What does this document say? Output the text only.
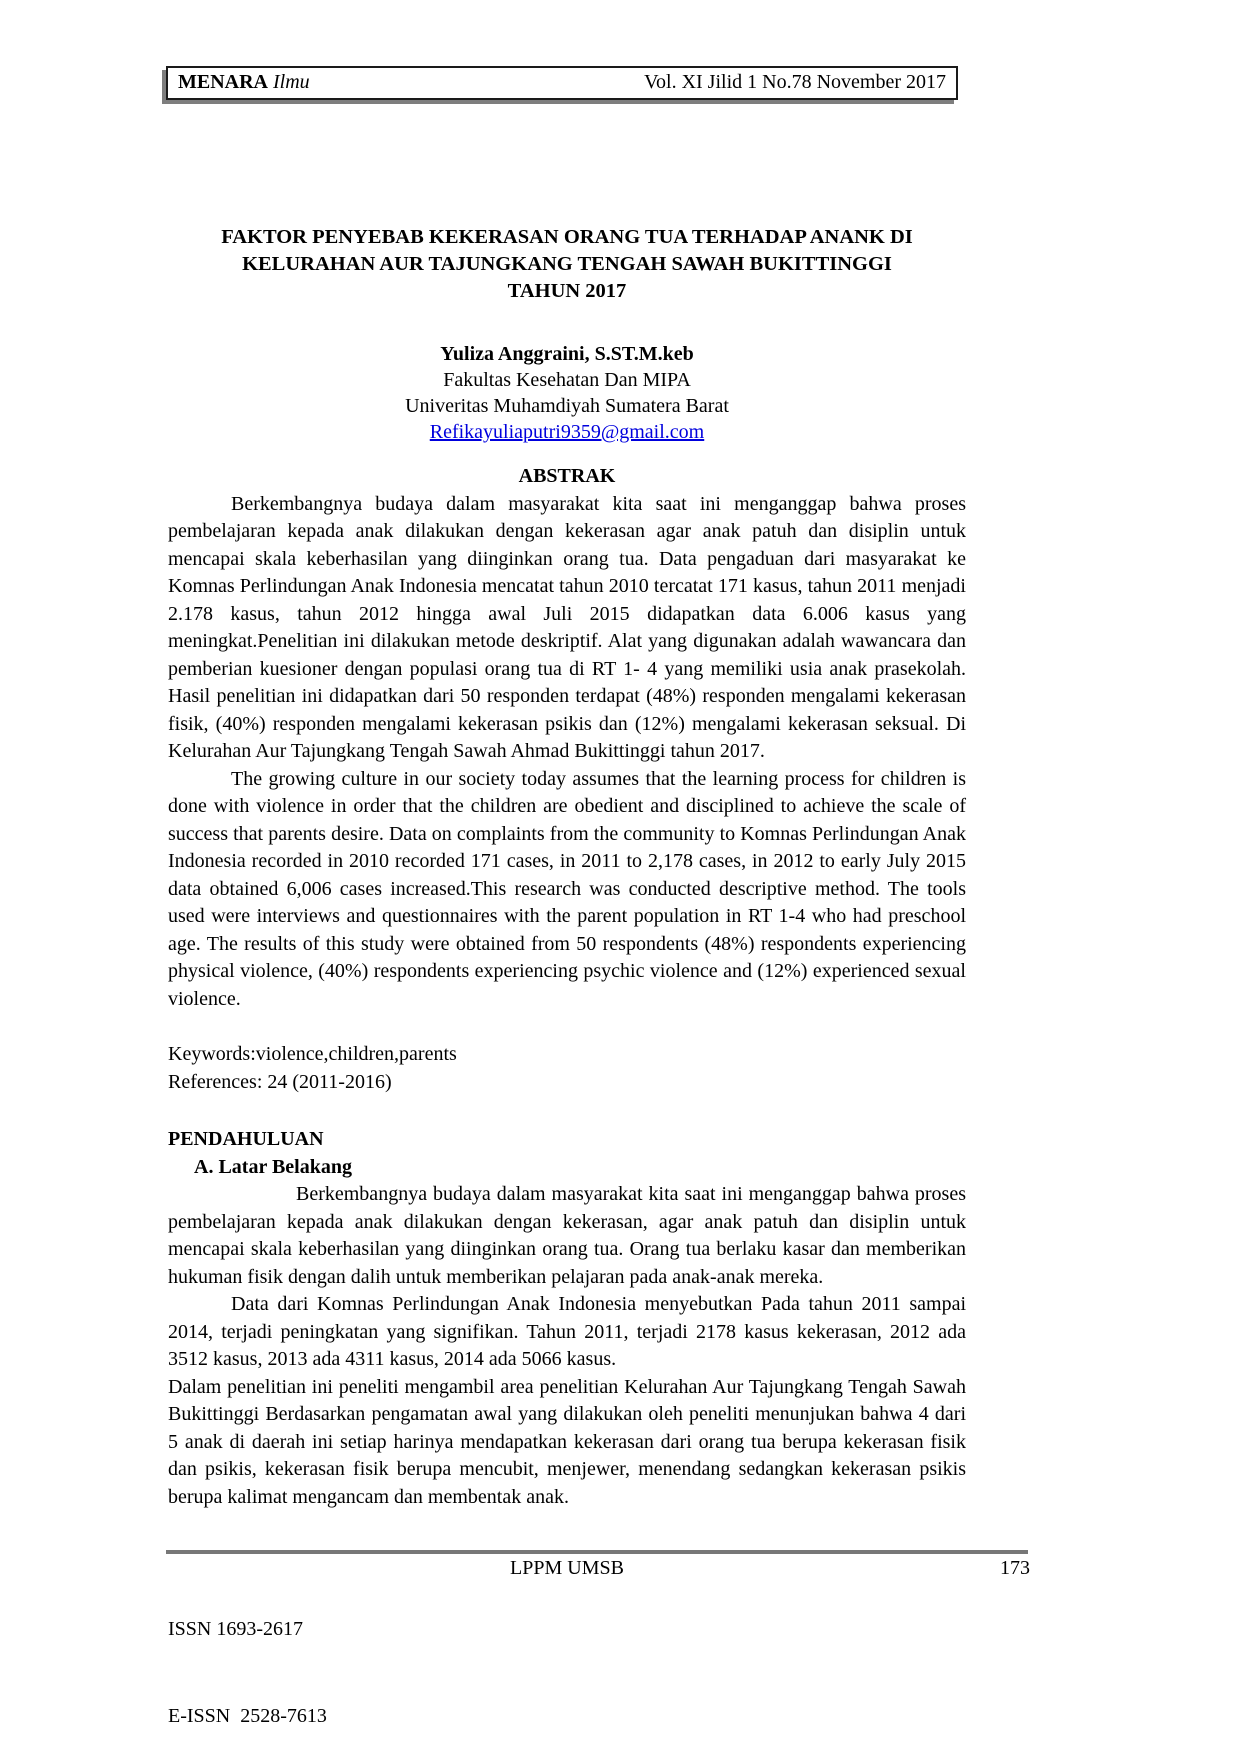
MENARA Ilmu	Vol. XI Jilid 1 No.78 November 2017
FAKTOR PENYEBAB KEKERASAN ORANG TUA TERHADAP ANANK DI
KELURAHAN AUR TAJUNGKANG TENGAH SAWAH BUKITTINGGI
TAHUN 2017
Yuliza Anggraini, S.ST.M.keb
Fakultas Kesehatan Dan MIPA
Univeritas Muhamdiyah Sumatera Barat
Refikayuliaputri9359@gmail.com
ABSTRAK

Berkembangnya budaya dalam masyarakat kita saat ini menganggap bahwa proses pembelajaran kepada anak dilakukan dengan kekerasan agar anak patuh dan disiplin untuk mencapai skala keberhasilan yang diinginkan orang tua. Data pengaduan dari masyarakat ke Komnas Perlindungan Anak Indonesia mencatat tahun 2010 tercatat 171 kasus, tahun 2011 menjadi 2.178 kasus, tahun 2012 hingga awal Juli 2015 didapatkan data 6.006 kasus yang meningkat.Penelitian ini dilakukan metode deskriptif. Alat yang digunakan adalah wawancara dan pemberian kuesioner dengan populasi orang tua di RT 1- 4 yang memiliki usia anak prasekolah. Hasil penelitian ini didapatkan dari 50 responden terdapat (48%) responden mengalami kekerasan fisik, (40%) responden mengalami kekerasan psikis dan (12%) mengalami kekerasan seksual. Di Kelurahan Aur Tajungkang Tengah Sawah Ahmad Bukittinggi tahun 2017.

The growing culture in our society today assumes that the learning process for children is done with violence in order that the children are obedient and disciplined to achieve the scale of success that parents desire. Data on complaints from the community to Komnas Perlindungan Anak Indonesia recorded in 2010 recorded 171 cases, in 2011 to 2,178 cases, in 2012 to early July 2015 data obtained 6,006 cases increased.This research was conducted descriptive method. The tools used were interviews and questionnaires with the parent population in RT 1-4 who had preschool age. The results of this study were obtained from 50 respondents (48%) respondents experiencing physical violence, (40%) respondents experiencing psychic violence and (12%) experienced sexual violence.

Keywords:violence,children,parents
References: 24 (2011-2016)
PENDAHULUAN
A. Latar Belakang

Berkembangnya budaya dalam masyarakat kita saat ini menganggap bahwa proses pembelajaran kepada anak dilakukan dengan kekerasan, agar anak patuh dan disiplin untuk mencapai skala keberhasilan yang diinginkan orang tua. Orang tua berlaku kasar dan memberikan hukuman fisik dengan dalih untuk memberikan pelajaran pada anak-anak mereka.

Data dari Komnas Perlindungan Anak Indonesia menyebutkan Pada tahun 2011 sampai 2014, terjadi peningkatan yang signifikan. Tahun 2011, terjadi 2178 kasus kekerasan, 2012 ada 3512 kasus, 2013 ada 4311 kasus, 2014 ada 5066 kasus.

Dalam penelitian ini peneliti mengambil area penelitian Kelurahan Aur Tajungkang Tengah Sawah Bukittinggi Berdasarkan pengamatan awal yang dilakukan oleh peneliti menunjukan bahwa 4 dari 5 anak di daerah ini setiap harinya mendapatkan kekerasan dari orang tua berupa kekerasan fisik dan psikis, kekerasan fisik berupa mencubit, menjewer, menendang sedangkan kekerasan psikis berupa kalimat mengancam dan membentak anak.

ISSN 1693-2617

E-ISSN  2528-7613

LPPM UMSB	173
